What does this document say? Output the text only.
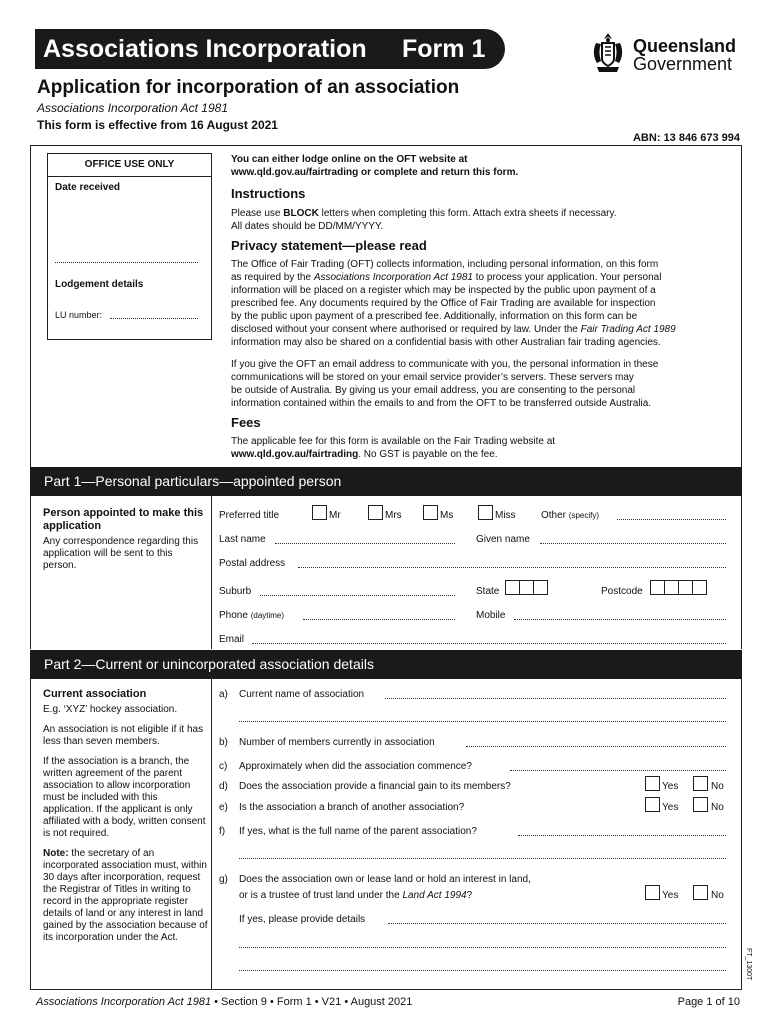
Associations Incorporation Form 1	Queensland
Government
Application for incorporation of an association
Associations Incorporation Act 1981
This form is effective from 16 August 2021
ABN: 13 846 673 994
OFFICE USE ONLY
Date received
Lodgement details
LU number:
You can either lodge online on the OFT website at
www.qld.gov.au/fairtrading or complete and return this form.
Instructions
Please use BLOCK letters when completing this form. Attach extra sheets if necessary.
All dates should be DD/MM/YYYY.
Privacy statement—please read
The Office of Fair Trading (OFT) collects information, including personal information, on this form
as required by the Associations Incorporation Act 1981 to process your application. Your personal
information will be placed on a register which may be inspected by the public upon payment of a
prescribed fee. Any documents required by the Office of Fair Trading are available for inspection
by the public upon payment of a prescribed fee. Additionally, information on this form can be
disclosed without your consent where authorised or required by law. Under the Fair Trading Act 1989
information may also be shared on a confidential basis with other Australian fair trading agencies.
If you give the OFT an email address to communicate with you, the personal information in these
communications will be stored on your email service provider’s servers. These servers may
be outside of Australia. By giving us your email address, you are consenting to the personal
information contained within the emails to and from the OFT to be transferred outside Australia.
Fees
The applicable fee for this form is available on the Fair Trading website at
www.qld.gov.au/fairtrading. No GST is payable on the fee.
Part 1—Personal particulars—appointed person
Person appointed to make this application
Any correspondence regarding this application will be sent to this person.
Preferred title	Mr	Mrs	Ms	Miss	Other (specify)
Last name	Given name
Postal address
Suburb	State	Postcode
Phone (daytime)	Mobile
Email
Part 2—Current or unincorporated association details
Current association
E.g. ‘XYZ’ hockey association.
An association is not eligible if it has less than seven members.
If the association is a branch, the written agreement of the parent association to allow incorporation must be included with this application. If the applicant is only affiliated with a body, written consent is not required.
Note: the secretary of an incorporated association must, within 30 days after incorporation, request the Registrar of Titles in writing to record in the appropriate register details of land or any interest in land gained by the association because of its incorporation under the Act.
a) Current name of association
b) Number of members currently in association
c) Approximately when did the association commence?
d) Does the association provide a financial gain to its members?	Yes	No
e) Is the association a branch of another association?	Yes	No
f) If yes, what is the full name of the parent association?
g) Does the association own or lease land or hold an interest in land,
or is a trustee of trust land under the Land Act 1994?	Yes	No
If yes, please provide details
FT_1300T
Associations Incorporation Act 1981 • Section 9 • Form 1 • V21 • August 2021	Page 1 of 10
